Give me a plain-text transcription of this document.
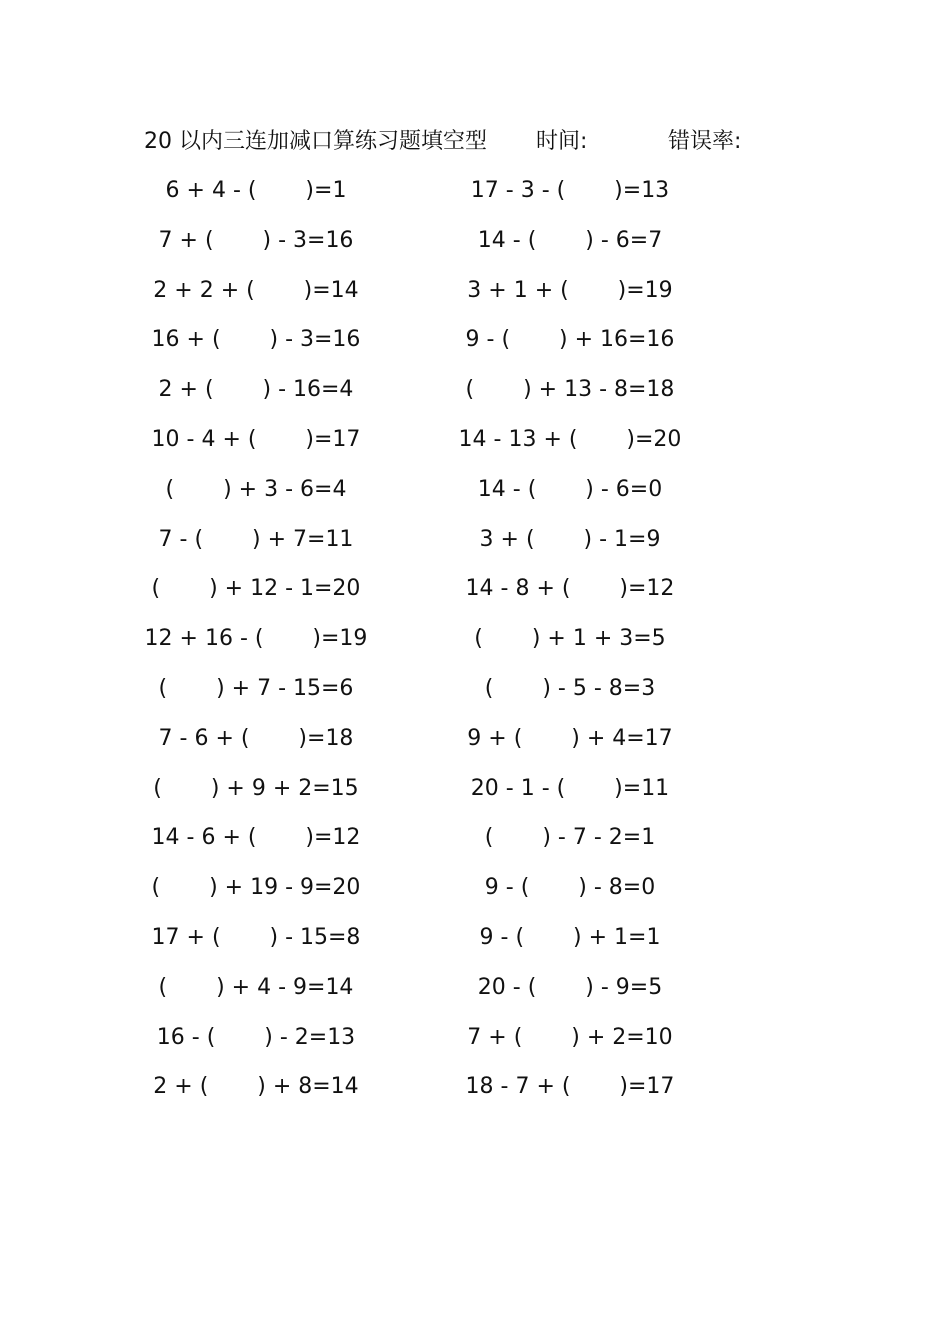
20 以内三连加减口算练习题填空型 时间:	错误率:
6 + 4 - (       )=1
7 + (       ) - 3=16
2 + 2 + (       )=14
16 + (       ) - 3=16
2 + (       ) - 16=4
10 - 4 + (       )=17
(       ) + 3 - 6=4
7 - (       ) + 7=11
(       ) + 12 - 1=20
12 + 16 - (       )=19
(       ) + 7 - 15=6
7 - 6 + (       )=18
(       ) + 9 + 2=15
14 - 6 + (       )=12
(       ) + 19 - 9=20
17 + (       ) - 15=8
(       ) + 4 - 9=14
16 - (       ) - 2=13
2 + (       ) + 8=14
17 - 3 - (       )=13
14 - (       ) - 6=7
3 + 1 + (       )=19
9 - (       ) + 16=16
(       ) + 13 - 8=18
14 - 13 + (       )=20
14 - (       ) - 6=0
3 + (       ) - 1=9
14 - 8 + (       )=12
(       ) + 1 + 3=5
(       ) - 5 - 8=3
9 + (       ) + 4=17
20 - 1 - (       )=11
(       ) - 7 - 2=1
9 - (       ) - 8=0
9 - (       ) + 1=1
20 - (       ) - 9=5
7 + (       ) + 2=10
18 - 7 + (       )=17
